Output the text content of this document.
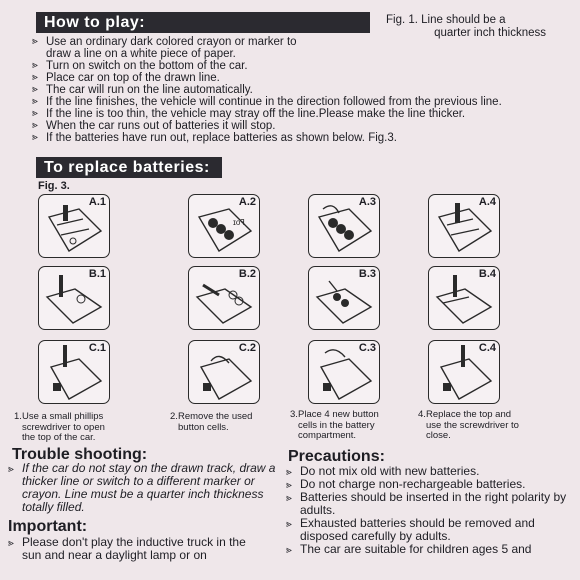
How to play:	Fig. 1. Line should be a
quarter inch thickness
⪢ Use an ordinary dark colored crayon or marker to draw a line on a white piece of paper.
⪢ Turn on switch on the bottom of the car.
⪢ Place car on top of the drawn line.
⪢ The car will run on the line automatically.
⪢ If the line finishes, the vehicle will continue in the direction followed from the previous line.
⪢ If the line is too thin, the vehicle may stray off the line.Please make the line thicker.
⪢ When the car runs out of batteries it will stop.
⪢ If the batteries have run out, replace batteries as shown below. Fig.3.
To replace batteries:
Fig. 3.
A.1
ɪoꟻ
A.2	A.3	A.4
B.1	B.2	B.3	B.4
C.1	C.2	C.3	C.4
1. Use a small phillips screwdriver to open the top of the car.
2. Remove the used button cells.
3. Place 4 new button cells in the battery compartment.
4. Replace the top and use the screwdriver to close.
Trouble shooting:
⪢ If the car do not stay on the drawn track, draw a thicker line or switch to a different marker or crayon. Line must be a quarter inch thickness totally filled.
Important:
⪢ Please don't play the inductive truck in the sun and near a daylight lamp or on
Precautions:
⪢ Do not mix old with new batteries.
⪢ Do not charge non-rechargeable batteries.
⪢ Batteries should be inserted in the right polarity by adults.
⪢ Exhausted batteries should be removed and disposed carefully by adults.
⪢ The car are suitable for children ages 5 and
